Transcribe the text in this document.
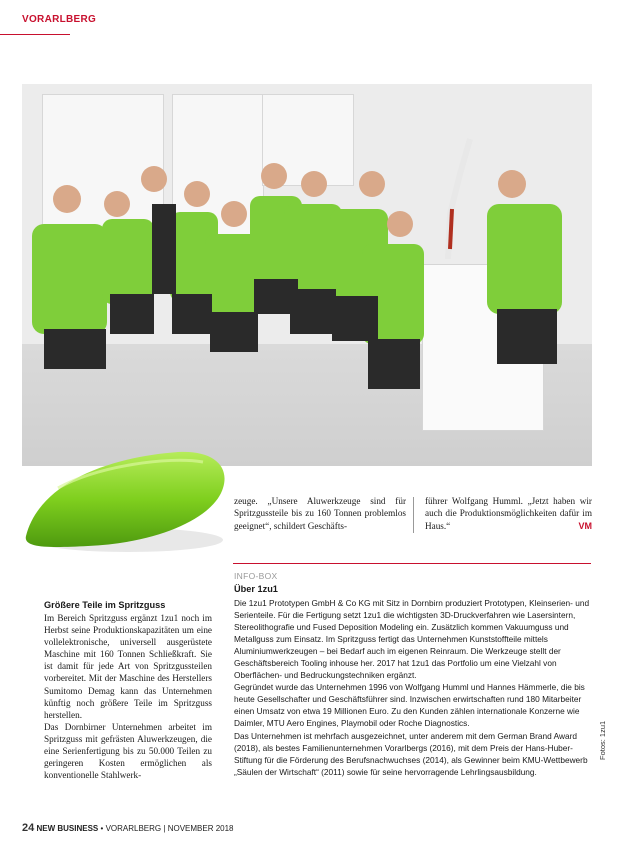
VORARLBERG
zeuge. „Unsere Aluwerkzeuge sind für Spritzgussteile bis zu 160 Tonnen problemlos geeignet“, schildert Geschäfts-
führer Wolfgang Humml. „Jetzt haben wir auch die Produktionsmöglichkeiten dafür im Haus.“	VM
Größere Teile im Spritzguss

Im Bereich Spritzguss ergänzt 1zu1 noch im Herbst seine Produktionskapazitäten um eine vollelektronische, universell ausgerüstete Maschine mit 160 Tonnen Schließkraft. Sie ist damit für jede Art von Spritzgussteilen vorbereitet. Mit der Maschine des Herstellers Sumitomo Demag kann das Unternehmen künftig noch größere Teile im Spritzguss herstellen.

Das Dornbirner Unternehmen arbeitet im Spritzguss mit gefrästen Aluwerkzeugen, die eine Serienfertigung bis zu 50.000 Teilen zu geringeren Kosten ermöglichen als konventionelle Stahlwerk-

INFO-BOX
Über 1zu1

Die 1zu1 Prototypen GmbH & Co KG mit Sitz in Dornbirn produziert Prototypen, Kleinserien- und Serienteile. Für die Fertigung setzt 1zu1 die wichtigsten 3D-Druckverfahren wie Lasersintern, Stereolithografie und Fused Deposition Modeling ein. Zusätzlich kommen Vakuumguss und Metallguss zum Einsatz. Im Spritzguss fertigt das Unternehmen Kunststoffteile mittels Aluminiumwerkzeugen – bei Bedarf auch im eigenen Reinraum. Die Werkzeuge stellt der Geschäftsbereich Tooling inhouse her. 2017 hat 1zu1 das Portfolio um eine Vielzahl von Oberflächen- und Bedruckungstechniken ergänzt.

Gegründet wurde das Unternehmen 1996 von Wolfgang Humml und Hannes Hämmerle, die bis heute Gesellschafter und Geschäftsführer sind. Inzwischen erwirtschaften rund 180 Mitarbeiter einen Umsatz von etwa 19 Millionen Euro. Zu den Kunden zählen internationale Konzerne wie Daimler, MTU Aero Engines, Playmobil oder Roche Diagnostics.

Das Unternehmen ist mehrfach ausgezeichnet, unter anderem mit dem German Brand Award (2018), als bestes Familienunternehmen Vorarlbergs (2016), mit dem Preis der Hans-Huber-Stiftung für die Förderung des Berufsnachwuchses (2014), als Gewinner beim KMU-Wettbewerb „Säulen der Wirtschaft“ (2011) sowie für seine hervorragende Lehrlingsausbildung.

Fotos: 1zu1
24 NEW BUSINESS • VORARLBERG | NOVEMBER 2018
